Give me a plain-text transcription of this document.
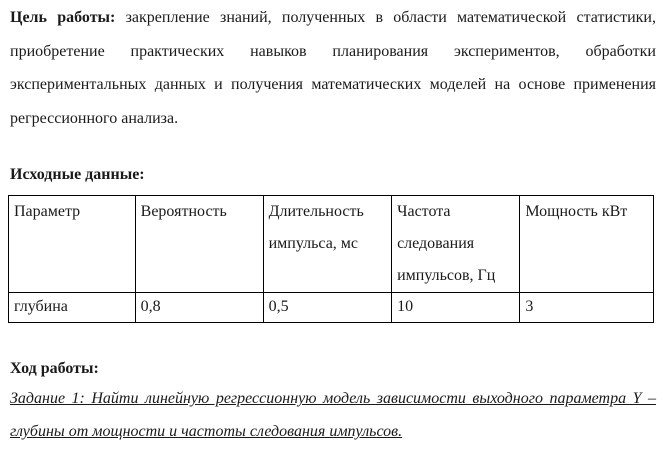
Цель работы: закрепление знаний, полученных в области математической статистики, приобретение практических навыков планирования экспериментов, обработки экспериментальных данных и получения математических моделей на основе применения регрессионного анализа.

Исходные данные:

Параметр	Вероятность	Длительность импульса, мс	Частота следования импульсов, Гц	Мощность кВт
глубина	0,8	0,5	10	3

Ход работы:

Задание 1: Найти линейную регрессионную модель зависимости выходного параметра Y – глубины от мощности и частоты следования импульсов.
